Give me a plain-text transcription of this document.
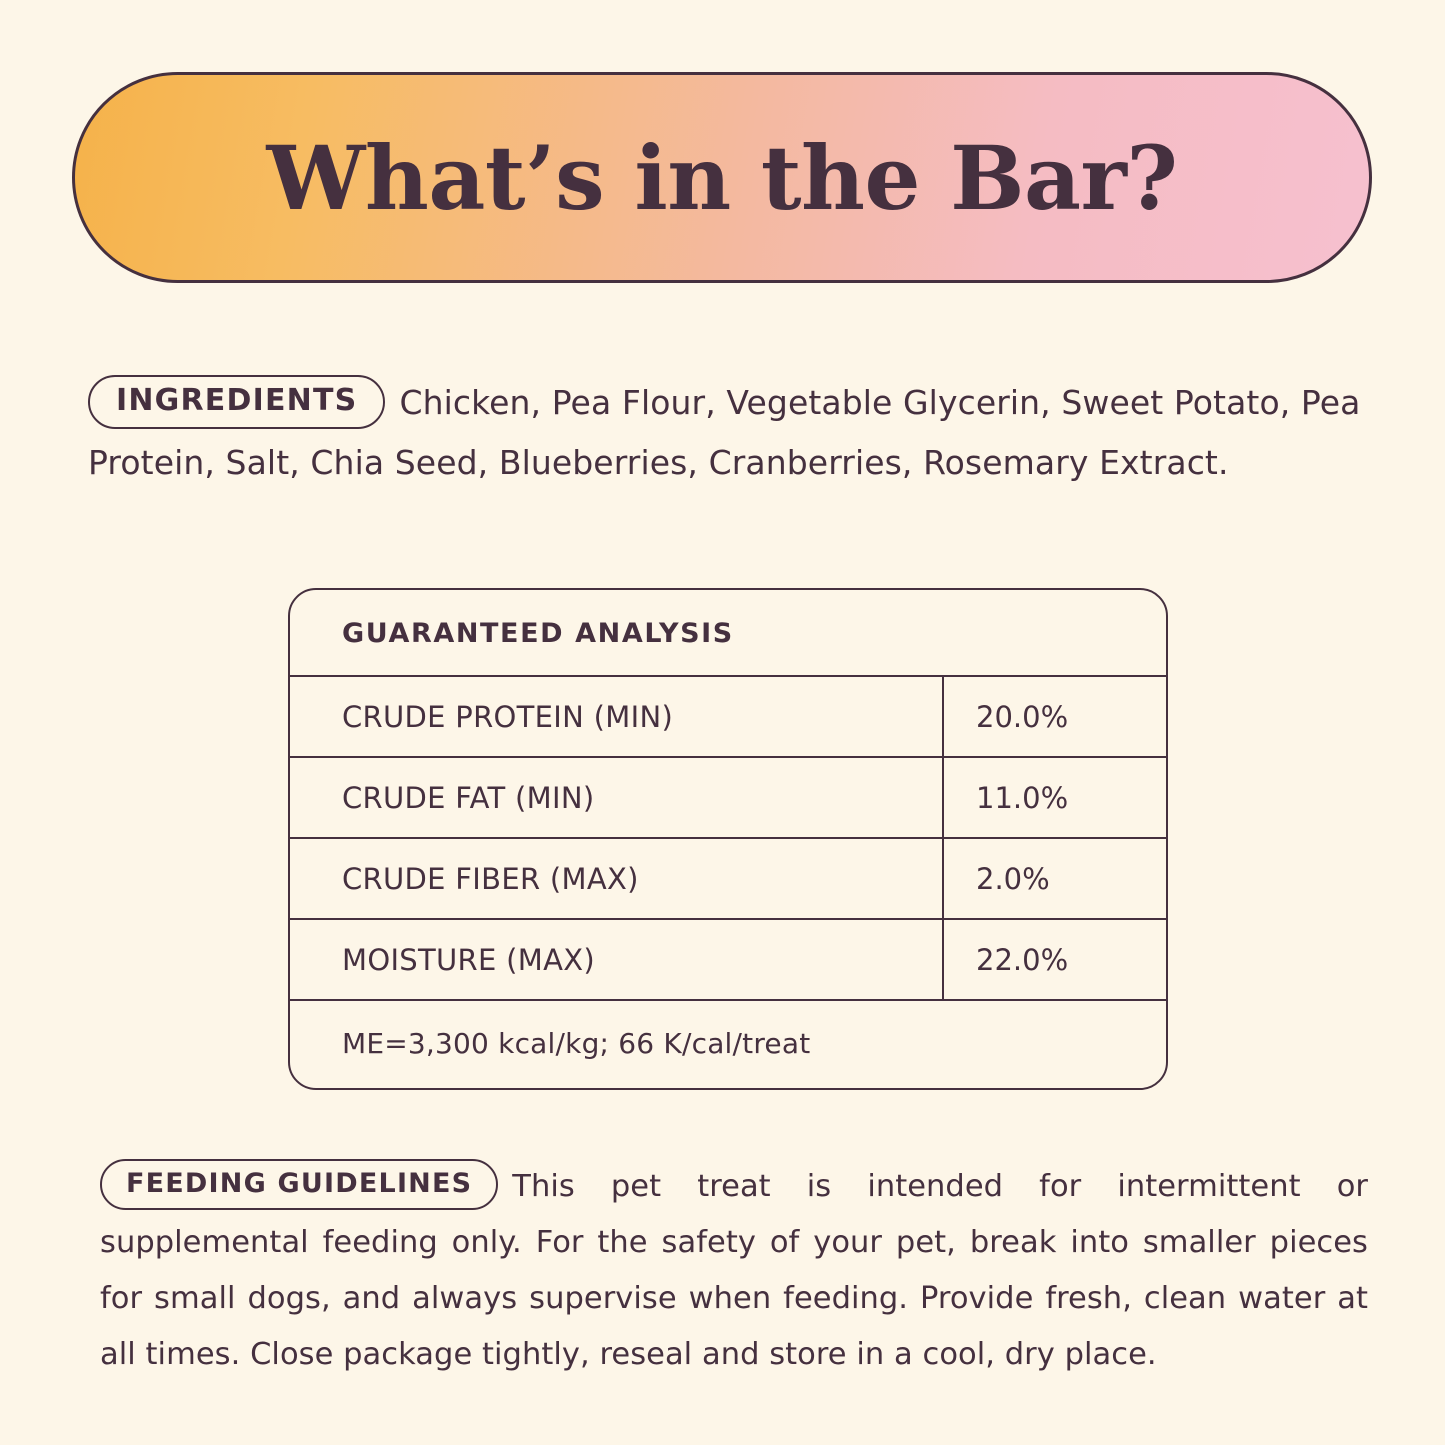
What’s in the Bar?

INGREDIENTS Chicken, Pea Flour, Vegetable Glycerin, Sweet Potato, Pea Protein, Salt, Chia Seed, Blueberries, Cranberries, Rosemary Extract.

GUARANTEED ANALYSIS
CRUDE PROTEIN (MIN)	20.0%
CRUDE FAT (MIN)	11.0%
CRUDE FIBER (MAX)	2.0%
MOISTURE (MAX)	22.0%
ME=3,300 kcal/kg; 66 K/cal/treat

FEEDING GUIDELINES This pet treat is intended for intermittent or supplemental feeding only. For the safety of your pet, break into smaller pieces for small dogs, and always supervise when feeding. Provide fresh, clean water at all times. Close package tightly, reseal and store in a cool, dry place.
